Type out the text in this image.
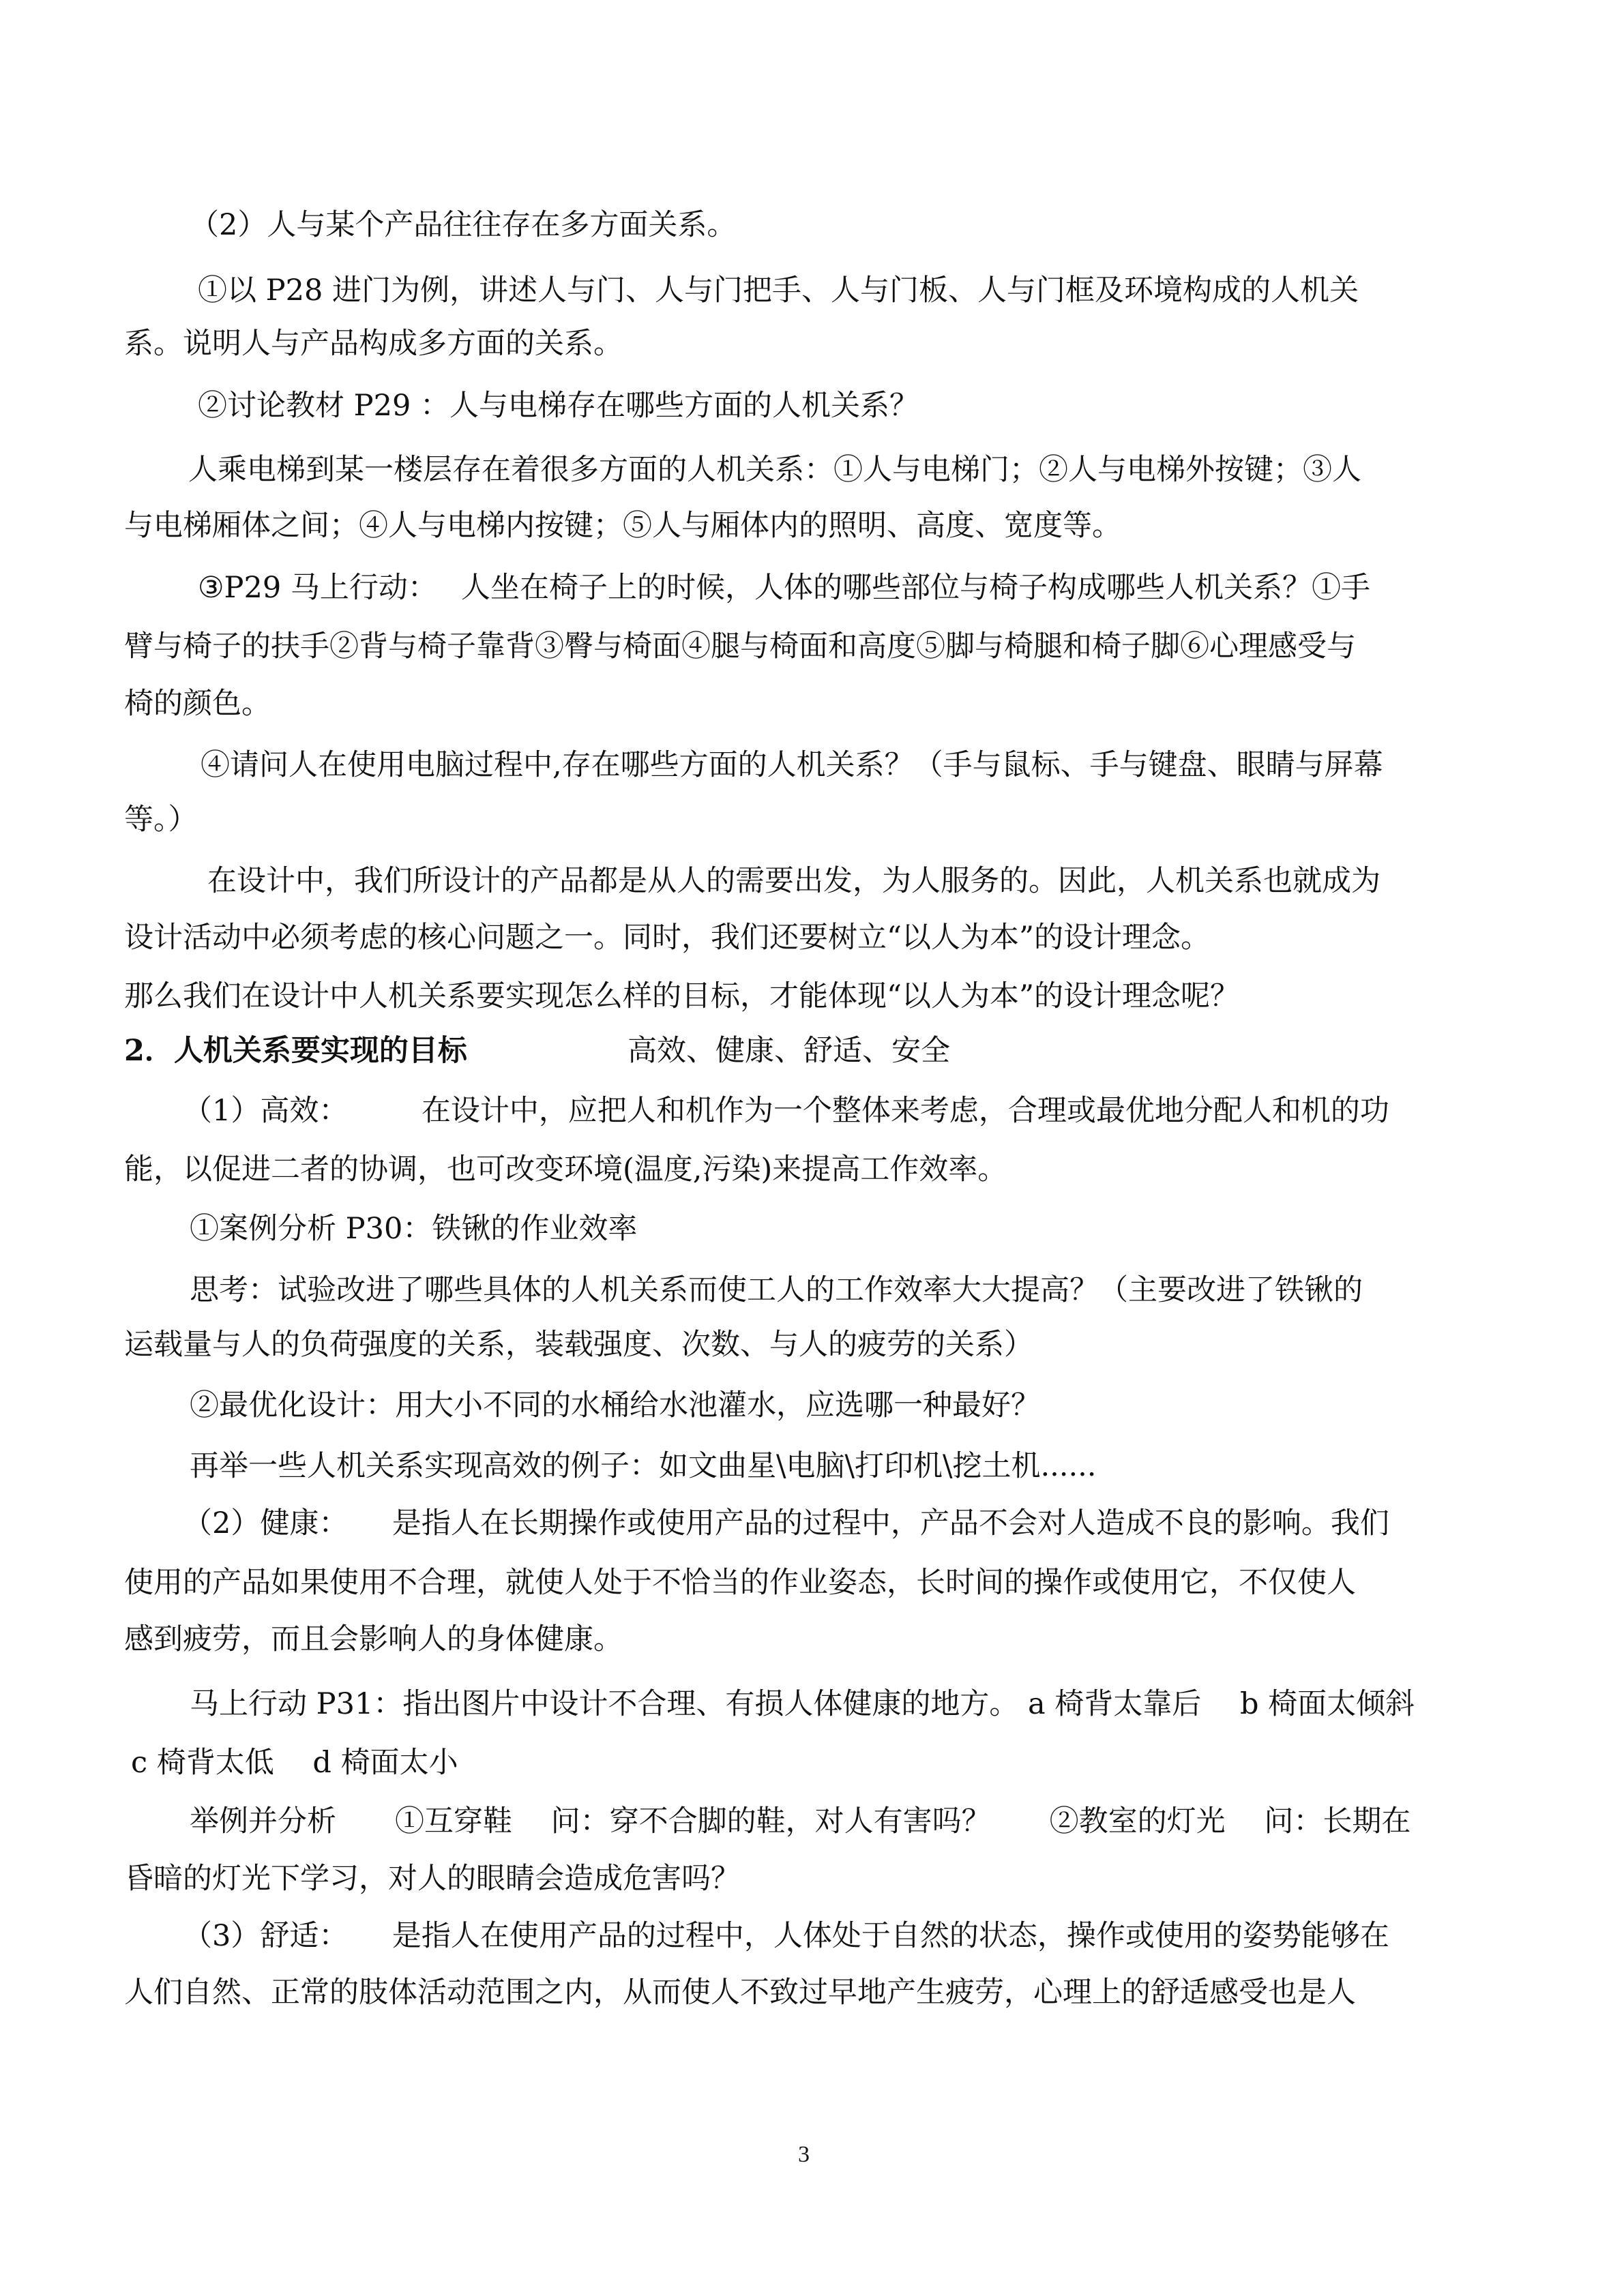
（2）人与某个产品往往存在多方面关系。
①以 P28 进门为例，讲述人与门、人与门把手、人与门板、人与门框及环境构成的人机关
系。说明人与产品构成多方面的关系。
②讨论教材 P29 ：人与电梯存在哪些方面的人机关系？
人乘电梯到某一楼层存在着很多方面的人机关系：①人与电梯门；②人与电梯外按键；③人
与电梯厢体之间；④人与电梯内按键；⑤人与厢体内的照明、高度、宽度等。
③P29 马上行动：　 人坐在椅子上的时候，人体的哪些部位与椅子构成哪些人机关系？①手
臂与椅子的扶手②背与椅子靠背③臀与椅面④腿与椅面和高度⑤脚与椅腿和椅子脚⑥心理感受与
椅的颜色。
④请问人在使用电脑过程中,存在哪些方面的人机关系？（手与鼠标、手与键盘、眼睛与屏幕
等。）
在设计中，我们所设计的产品都是从人的需要出发，为人服务的。因此，人机关系也就成为
设计活动中必须考虑的核心问题之一。同时，我们还要树立“以人为本”的设计理念。
那么我们在设计中人机关系要实现怎么样的目标，才能体现“以人为本”的设计理念呢？
2．人机关系要实现的目标	高效、健康、舒适、安全
（1）高效：　　　在设计中，应把人和机作为一个整体来考虑，合理或最优地分配人和机的功
能，以促进二者的协调，也可改变环境(温度,污染)来提高工作效率。
①案例分析 P30：铁锹的作业效率
思考：试验改进了哪些具体的人机关系而使工人的工作效率大大提高？（主要改进了铁锹的
运载量与人的负荷强度的关系，装载强度、次数、与人的疲劳的关系）
②最优化设计：用大小不同的水桶给水池灌水，应选哪一种最好？
再举一些人机关系实现高效的例子：如文曲星\电脑\打印机\挖土机......
（2）健康：　　是指人在长期操作或使用产品的过程中，产品不会对人造成不良的影响。我们
使用的产品如果使用不合理，就使人处于不恰当的作业姿态，长时间的操作或使用它，不仅使人
感到疲劳，而且会影响人的身体健康。
马上行动 P31：指出图片中设计不合理、有损人体健康的地方。 a 椅背太靠后　 b 椅面太倾斜
c 椅背太低　 d 椅面太小
举例并分析　　①互穿鞋　 问：穿不合脚的鞋，对人有害吗？　　②教室的灯光　 问：长期在
昏暗的灯光下学习，对人的眼睛会造成危害吗？
（3）舒适：　　是指人在使用产品的过程中，人体处于自然的状态，操作或使用的姿势能够在
人们自然、正常的肢体活动范围之内，从而使人不致过早地产生疲劳，心理上的舒适感受也是人
3
